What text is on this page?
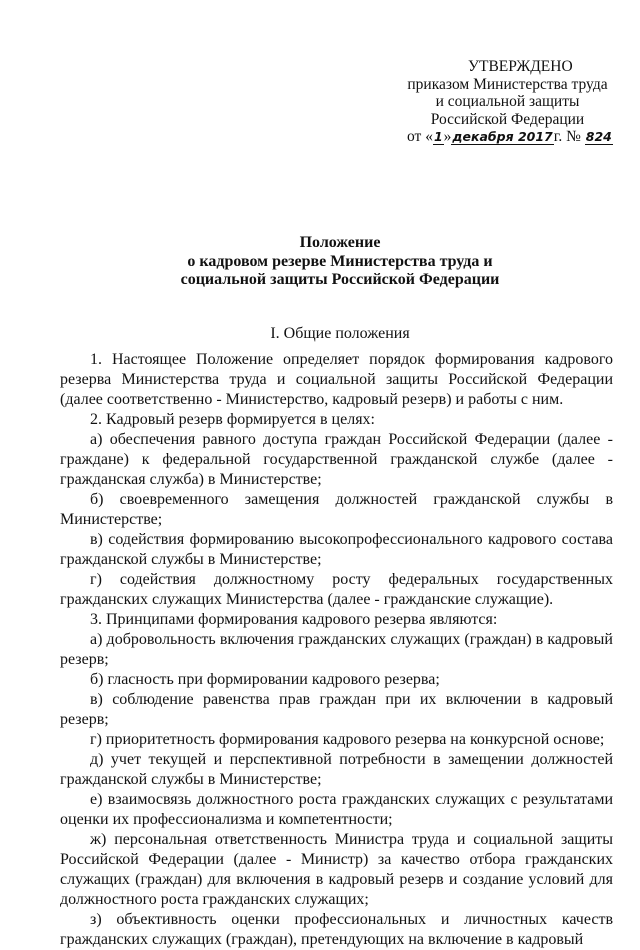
УТВЕРЖДЕНО
приказом Министерства труда
и социальной защиты
Российской Федерации
от «1»декабря 2017г. № 824
Положение
о кадровом резерве Министерства труда и
социальной защиты Российской Федерации
I. Общие положения

1. Настоящее Положение определяет порядок формирования кадрового резерва Министерства труда и социальной защиты Российской Федерации (далее соответственно - Министерство, кадровый резерв) и работы с ним.

2. Кадровый резерв формируется в целях:

а) обеспечения равного доступа граждан Российской Федерации (далее - граждане) к федеральной государственной гражданской службе (далее - гражданская служба) в Министерстве;

б) своевременного замещения должностей гражданской службы в Министерстве;

в) содействия формированию высокопрофессионального кадрового состава гражданской службы в Министерстве;

г) содействия должностному росту федеральных государственных гражданских служащих Министерства (далее - гражданские служащие).

3. Принципами формирования кадрового резерва являются:

а) добровольность включения гражданских служащих (граждан) в кадровый резерв;

б) гласность при формировании кадрового резерва;

в) соблюдение равенства прав граждан при их включении в кадровый резерв;

г) приоритетность формирования кадрового резерва на конкурсной основе;

д) учет текущей и перспективной потребности в замещении должностей гражданской службы в Министерстве;

е) взаимосвязь должностного роста гражданских служащих с результатами оценки их профессионализма и компетентности;

ж) персональная ответственность Министра труда и социальной защиты Российской Федерации (далее - Министр) за качество отбора гражданских служащих (граждан) для включения в кадровый резерв и создание условий для должностного роста гражданских служащих;

з) объективность оценки профессиональных и личностных качеств гражданских служащих (граждан), претендующих на включение в кадровый
